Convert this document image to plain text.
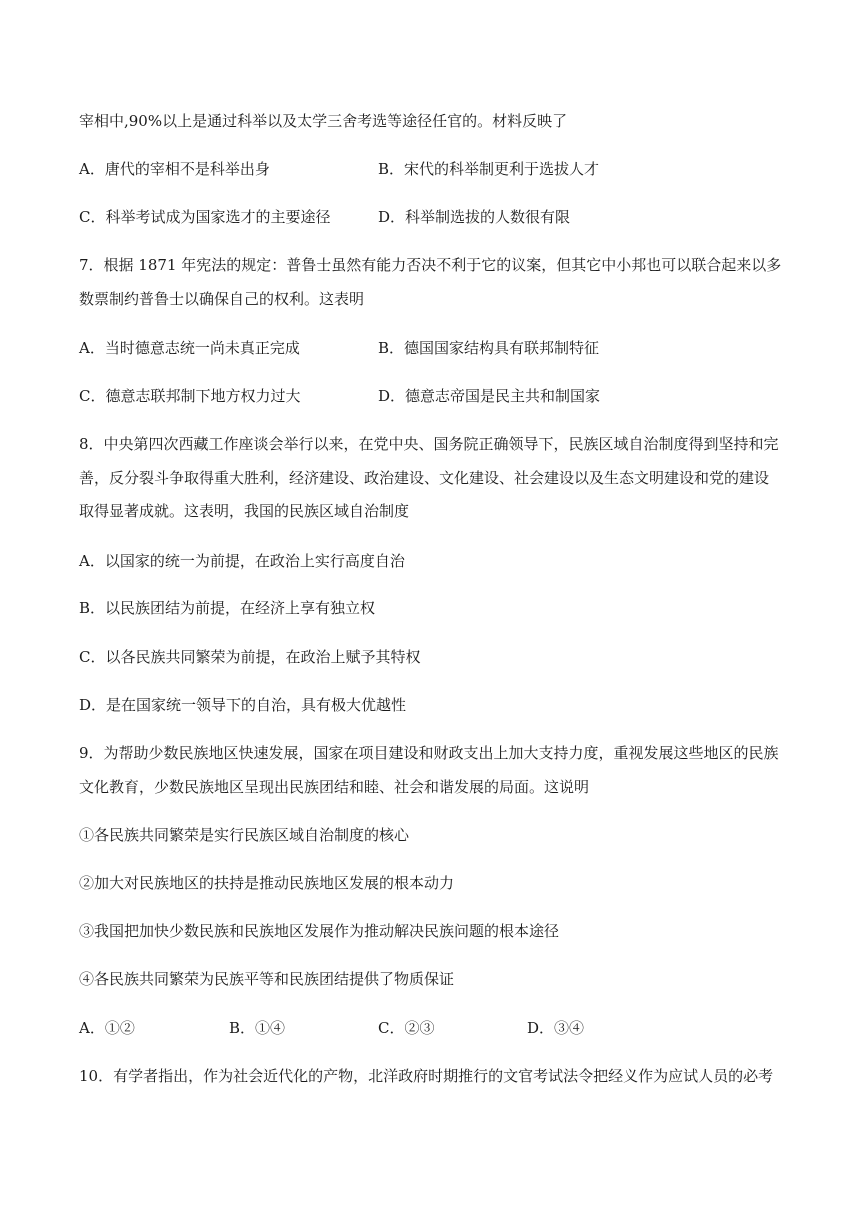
宰相中,90%以上是通过科举以及太学三舍考选等途径任官的。材料反映了
A．唐代的宰相不是科举出身	B．宋代的科举制更利于选拔人才
C．科举考试成为国家选才的主要途径	D．科举制选拔的人数很有限
7．根据 1871 年宪法的规定：普鲁士虽然有能力否决不利于它的议案，但其它中小邦也可以联合起来以多
数票制约普鲁士以确保自己的权利。这表明
A．当时德意志统一尚未真正完成	B．德国国家结构具有联邦制特征
C．德意志联邦制下地方权力过大	D．德意志帝国是民主共和制国家
8．中央第四次西藏工作座谈会举行以来，在党中央、国务院正确领导下，民族区域自治制度得到坚持和完
善，反分裂斗争取得重大胜利，经济建设、政治建设、文化建设、社会建设以及生态文明建设和党的建设
取得显著成就。这表明，我国的民族区域自治制度
A．以国家的统一为前提，在政治上实行高度自治
B．以民族团结为前提，在经济上享有独立权
C．以各民族共同繁荣为前提，在政治上赋予其特权
D．是在国家统一领导下的自治，具有极大优越性
9．为帮助少数民族地区快速发展，国家在项目建设和财政支出上加大支持力度，重视发展这些地区的民族
文化教育，少数民族地区呈现出民族团结和睦、社会和谐发展的局面。这说明
①各民族共同繁荣是实行民族区域自治制度的核心
②加大对民族地区的扶持是推动民族地区发展的根本动力
③我国把加快少数民族和民族地区发展作为推动解决民族问题的根本途径
④各民族共同繁荣为民族平等和民族团结提供了物质保证
A．①②	B．①④	C．②③	D．③④
10．有学者指出，作为社会近代化的产物，北洋政府时期推行的文官考试法令把经义作为应试人员的必考
